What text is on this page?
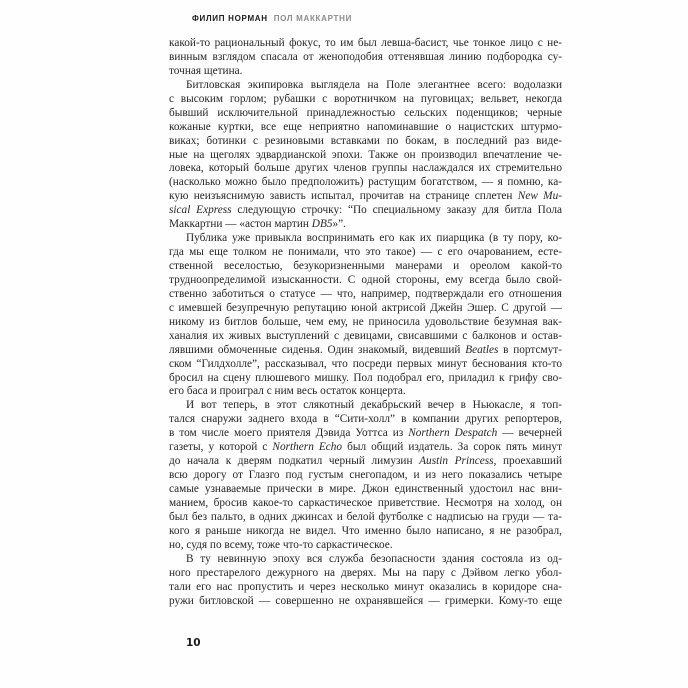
ФИЛИП НОРМАН ПОЛ МАККАРТНИ
какой-то рациональный фокус, то им был левша-басист, чье тонкое лицо с не-
винным взглядом спасала от женоподобия оттенявшая линию подбородка су-
точная щетина.
Битловская экипировка выглядела на Поле элегантнее всего: водолазки
с высоким горлом; рубашки с воротничком на пуговицах; вельвет, некогда
бывший исключительной принадлежностью сельских поденщиков; черные
кожаные куртки, все еще неприятно напоминавшие о нацистских штурмо-
виках; ботинки с резиновыми вставками по бокам, в последний раз виде-
ные на щеголях эдвардианской эпохи. Также он производил впечатление че-
ловека, который больше других членов группы наслаждался их стремительно
(насколько можно было предположить) растущим богатством, — я помню, ка-
кую неизъяснимую зависть испытал, прочитав на странице сплетен New Mu-
sical Express следующую строчку: “По специальному заказу для битла Пола
Маккартни — «астон мартин DB5»”.
Публика уже привыкла воспринимать его как их пиарщика (в ту пору, ко-
гда мы еще толком не понимали, что это такое) — с его очарованием, есте-
ственной веселостью, безукоризненными манерами и ореолом какой-то
трудноопределимой изысканности. С одной стороны, ему всегда было свой-
ственно заботиться о статусе — что, например, подтверждали его отношения
с имевшей безупречную репутацию юной актрисой Джейн Эшер. С другой —
никому из битлов больше, чем ему, не приносила удовольствие безумная вак-
ханалия их живых выступлений с девицами, свисавшими с балконов и остав-
лявшими обмоченные сиденья. Один знакомый, видевший Beatles в портсмут-
ском “Гилдхолле”, рассказывал, что посреди первых минут беснования кто-то
бросил на сцену плюшевого мишку. Пол подобрал его, приладил к грифу сво-
его баса и проиграл с ним весь остаток концерта.
И вот теперь, в этот слякотный декабрьский вечер в Ньюкасле, я топ-
тался снаружи заднего входа в “Сити-холл” в компании других репортеров,
в том числе моего приятеля Дэвида Уоттса из Northern Despatch — вечерней
газеты, у которой с Northern Echo был общий издатель. За сорок пять минут
до начала к дверям подкатил черный лимузин Austin Princess, проехавший
всю дорогу от Глазго под густым снегопадом, и из него показались четыре
самые узнаваемые прически в мире. Джон единственный удостоил нас вни-
манием, бросив какое-то саркастическое приветствие. Несмотря на холод, он
был без пальто, в одних джинсах и белой футболке с надписью на груди — та-
кого я раньше никогда не видел. Что именно было написано, я не разобрал,
но, судя по всему, тоже что-то саркастическое.
В ту невинную эпоху вся служба безопасности здания состояла из од-
ного престарелого дежурного на дверях. Мы на пару с Дэйвом легко убол-
тали его нас пропустить и через несколько минут оказались в коридоре сна-
ружи битловской — совершенно не охранявшейся — гримерки. Кому-то еще
10
